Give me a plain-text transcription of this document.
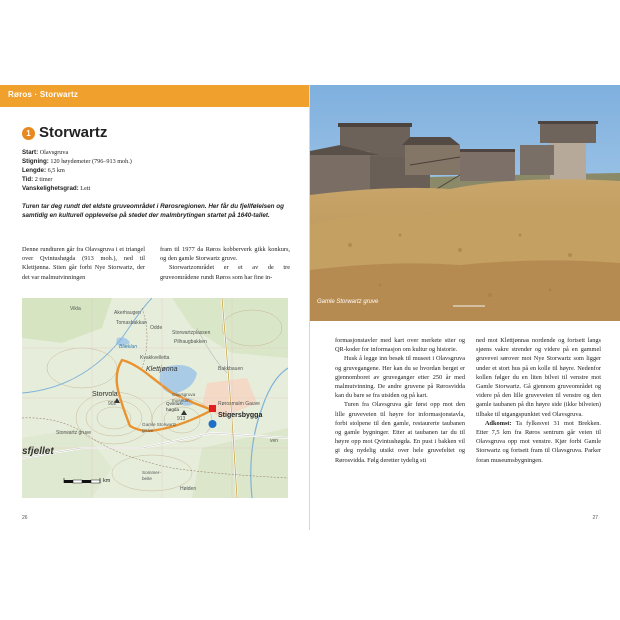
Røros · Storwartz
1 Storwartz
Start: Olavsgruva
Stigning: 120 høydemeter (796–913 moh.)
Lengde: 6,5 km
Tid: 2 timer
Vanskelighetsgrad: Lett
Turen tar deg rundt det eldste gruveområdet i Rørosregionen. Her får du fjellfølelsen og samtidig en kulturell opplevelse på stedet der malmbrytingen startet på 1640-tallet.

Denne rundturen går fra Olavsgruva i et triangel over Qvintushøgda (913 moh.), ned til Klettjønna. Stien går forbi Nye Storwartz, der det var malmutvinningen

fram til 1977 da Røros kobberverk gikk konkurs, og den gamle Storwartz gruve.

Storwartzområdet er et av de tre gruveområdene rundt Røros som har fine in-

Vikla
Akerhaugen
Tomasbakkan
Odde
Storwartzplassen
Pilhaugbakken
Blæklan
Kvakkvelletta
Klettjønna	Bakkbauen
Storvola
902
913
Qvintus-
høgda
Olavsgruva
museum
Rørosmalm Gauve
Stigersbygga
Storwartz gruve
Gamle Storwartz
gruve
sfjellet
Sommer-
beite
Høiden
ven
km
26
Gamle Storwartz gruve

formasjonstavler med kart over merkete stier og QR-koder for informasjon om kultur og historie.

Husk å legge inn besøk til museet i Olavsgruva og gruvegangene. Her kan du se hvordan berget er gjennomboret av gruveganger etter 250 år med malmutvinning. De andre gruvene på Rørosvidda kan du bare se fra utsiden og på kart.

Turen fra Olavsgruva går først opp mot den lille gruveveien til høyre for informasjonstavla, forbi stolpene til den gamle, restaurerte taubanen og gamle bygninger. Etter at taubanen tar du til høyre opp mot Qvintushøgda. En pust i bakken vil gi deg nydelig utsikt over hele gruvefeltet og Rørosvidda. Følg deretter tydelig sti

ned mot Klettjønnas nordende og fortsett langs sjøens vakre strender og videre på en gammel gruvevei sørover mot Nye Storwartz som ligger under et stort hus på en kolle til høyre. Nedenfor kollen følger du en liten bilvei til venstre mot Gamle Storwartz. Gå gjennom gruveområdet og videre på den lille gruveveien til venstre og den gamle taubanen på din høyre side (ikke bilveien) tilbake til utgangspunktet ved Olavsgruva.

Adkomst: Ta fylkesvei 31 mot Brekken. Etter 7,5 km fra Røros sentrum går veien til Olavsgruva opp mot venstre. Kjør forbi Gamle Storwartz og fortsett fram til Olavsgruva. Parker foran museumsbygningen.

27
